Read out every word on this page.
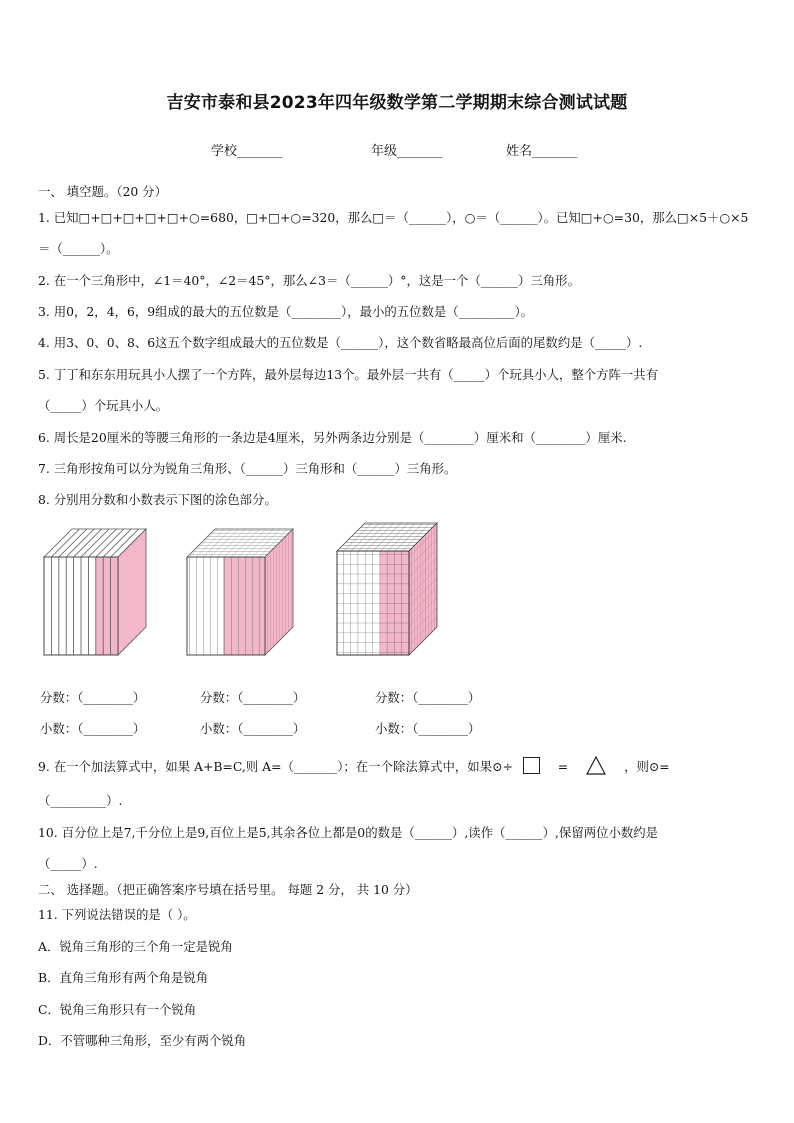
吉安市泰和县2023年四年级数学第二学期期末综合测试试题
学校_______	年级_______	姓名_______
一、 填空题。（20 分）
1. 已知□+□+□+□+□+○=680，□+□+○=320，那么□＝（______），○＝（______）。已知□+○=30，那么□×5＋○×5
＝（______）。
2. 在一个三角形中，∠1＝40°，∠2＝45°，那么∠3＝（______）°，这是一个（______）三角形。
3. 用0，2，4，6，9组成的最大的五位数是（________），最小的五位数是（_________）。
4. 用3、0、0、8、6这五个数字组成最大的五位数是（______），这个数省略最高位后面的尾数约是（_____）.
5. 丁丁和东东用玩具小人摆了一个方阵，最外层每边13个。最外层一共有（_____）个玩具小人，整个方阵一共有
（_____）个玩具小人。
6. 周长是20厘米的等腰三角形的一条边是4厘米，另外两条边分别是（________）厘米和（________）厘米.
7. 三角形按角可以分为锐角三角形、（______）三角形和（______）三角形。
8. 分别用分数和小数表示下图的涂色部分。
分数：（________）	分数：（________）	分数：（________）
小数：（________）	小数：（________）	小数：（________）
9. 在一个加法算式中，如果 A+B=C,则 A=（_______）；在一个除法算式中，如果⊙÷	=	，则⊙=
（_________）.
10. 百分位上是7,千分位上是9,百位上是5,其余各位上都是0的数是（______）,读作（______）,保留两位小数约是
（_____）.
二、 选择题。（把正确答案序号填在括号里。 每题 2 分， 共 10 分）
11. 下列说法错误的是（ ）。
A．锐角三角形的三个角一定是锐角
B．直角三角形有两个角是锐角
C．锐角三角形只有一个锐角
D．不管哪种三角形，至少有两个锐角
